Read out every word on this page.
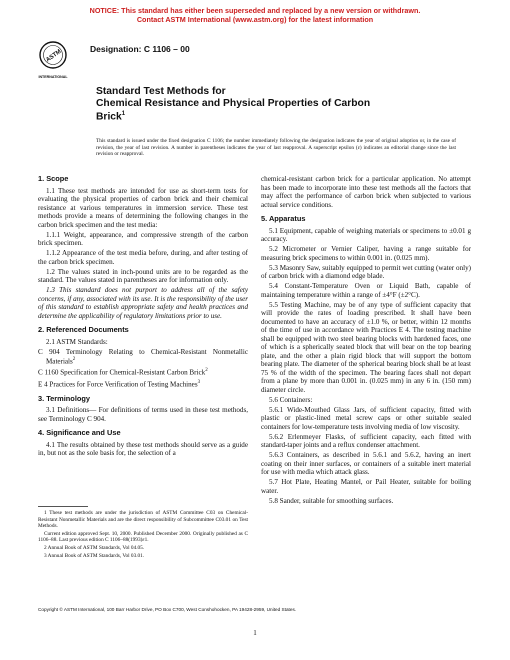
NOTICE: This standard has either been superseded and replaced by a new version or withdrawn.
Contact ASTM International (www.astm.org) for the latest information
ASTM
INTERNATIONAL
Designation: C 1106 – 00
Standard Test Methods for
Chemical Resistance and Physical Properties of Carbon
Brick$^1$
This standard is issued under the fixed designation C 1106; the number immediately following the designation indicates the year of original adoption or, in the case of revision, the year of last revision. A number in parentheses indicates the year of last reapproval. A superscript epsilon (ε) indicates an editorial change since the last revision or reapproval.
1. Scope

1.1 These test methods are intended for use as short-term tests for evaluating the physical properties of carbon brick and their chemical resistance at various temperatures in immersion service. These test methods provide a means of determining the following changes in the carbon brick specimen and the test media:

1.1.1 Weight, appearance, and compressive strength of the carbon brick specimen.

1.1.2 Appearance of the test media before, during, and after testing of the carbon brick specimen.

1.2 The values stated in inch-pound units are to be regarded as the standard. The values stated in parentheses are for information only.

1.3 This standard does not purport to address all of the safety concerns, if any, associated with its use. It is the responsibility of the user of this standard to establish appropriate safety and health practices and determine the applicability of regulatory limitations prior to use.

2. Referenced Documents

2.1 ASTM Standards:

C 904 Terminology Relating to Chemical-Resistant Nonmetallic Materials$^2$

C 1160 Specification for Chemical-Resistant Carbon Brick$^2$

E 4 Practices for Force Verification of Testing Machines$^3$

3. Terminology

3.1 Definitions— For definitions of terms used in these test methods, see Terminology C 904.

4. Significance and Use

4.1 The results obtained by these test methods should serve as a guide in, but not as the sole basis for, the selection of a

1 These test methods are under the jurisdiction of ASTM Committee C03 on Chemical-Resistant Nonmetallic Materials and are the direct responsibility of Subcommittee C03.01 on Test Methods.

Current edition approved Sept. 10, 2000. Published December 2000. Originally published as C 1106–88. Last previous edition C 1106–88(1993)ε1.

2 Annual Book of ASTM Standards, Vol 04.05.

3 Annual Book of ASTM Standards, Vol 03.01.

chemical-resistant carbon brick for a particular application. No attempt has been made to incorporate into these test methods all the factors that may affect the performance of carbon brick when subjected to various actual service conditions.

5. Apparatus

5.1 Equipment, capable of weighing materials or specimens to ±0.01 g accuracy.

5.2 Micrometer or Vernier Caliper, having a range suitable for measuring brick specimens to within 0.001 in. (0.025 mm).

5.3 Masonry Saw, suitably equipped to permit wet cutting (water only) of carbon brick with a diamond edge blade.

5.4 Constant-Temperature Oven or Liquid Bath, capable of maintaining temperature within a range of ±4°F (±2°C).

5.5 Testing Machine, may be of any type of sufficient capacity that will provide the rates of loading prescribed. It shall have been documented to have an accuracy of ±1.0 %, or better, within 12 months of the time of use in accordance with Practices E 4. The testing machine shall be equipped with two steel bearing blocks with hardened faces, one of which is a spherically seated block that will bear on the top bearing plate, and the other a plain rigid block that will support the bottom bearing plate. The diameter of the spherical bearing block shall be at least 75 % of the width of the specimen. The bearing faces shall not depart from a plane by more than 0.001 in. (0.025 mm) in any 6 in. (150 mm) diameter circle.

5.6 Containers:

5.6.1 Wide-Mouthed Glass Jars, of sufficient capacity, fitted with plastic or plastic-lined metal screw caps or other suitable sealed containers for low-temperature tests involving media of low viscosity.

5.6.2 Erlenmeyer Flasks, of sufficient capacity, each fitted with standard-taper joints and a reflux condenser attachment.

5.6.3 Containers, as described in 5.6.1 and 5.6.2, having an inert coating on their inner surfaces, or containers of a suitable inert material for use with media which attack glass.

5.7 Hot Plate, Heating Mantel, or Pail Heater, suitable for boiling water.

5.8 Sander, suitable for smoothing surfaces.

Copyright © ASTM International, 100 Barr Harbor Drive, PO Box C700, West Conshohocken, PA 19428-2959, United States.
1
